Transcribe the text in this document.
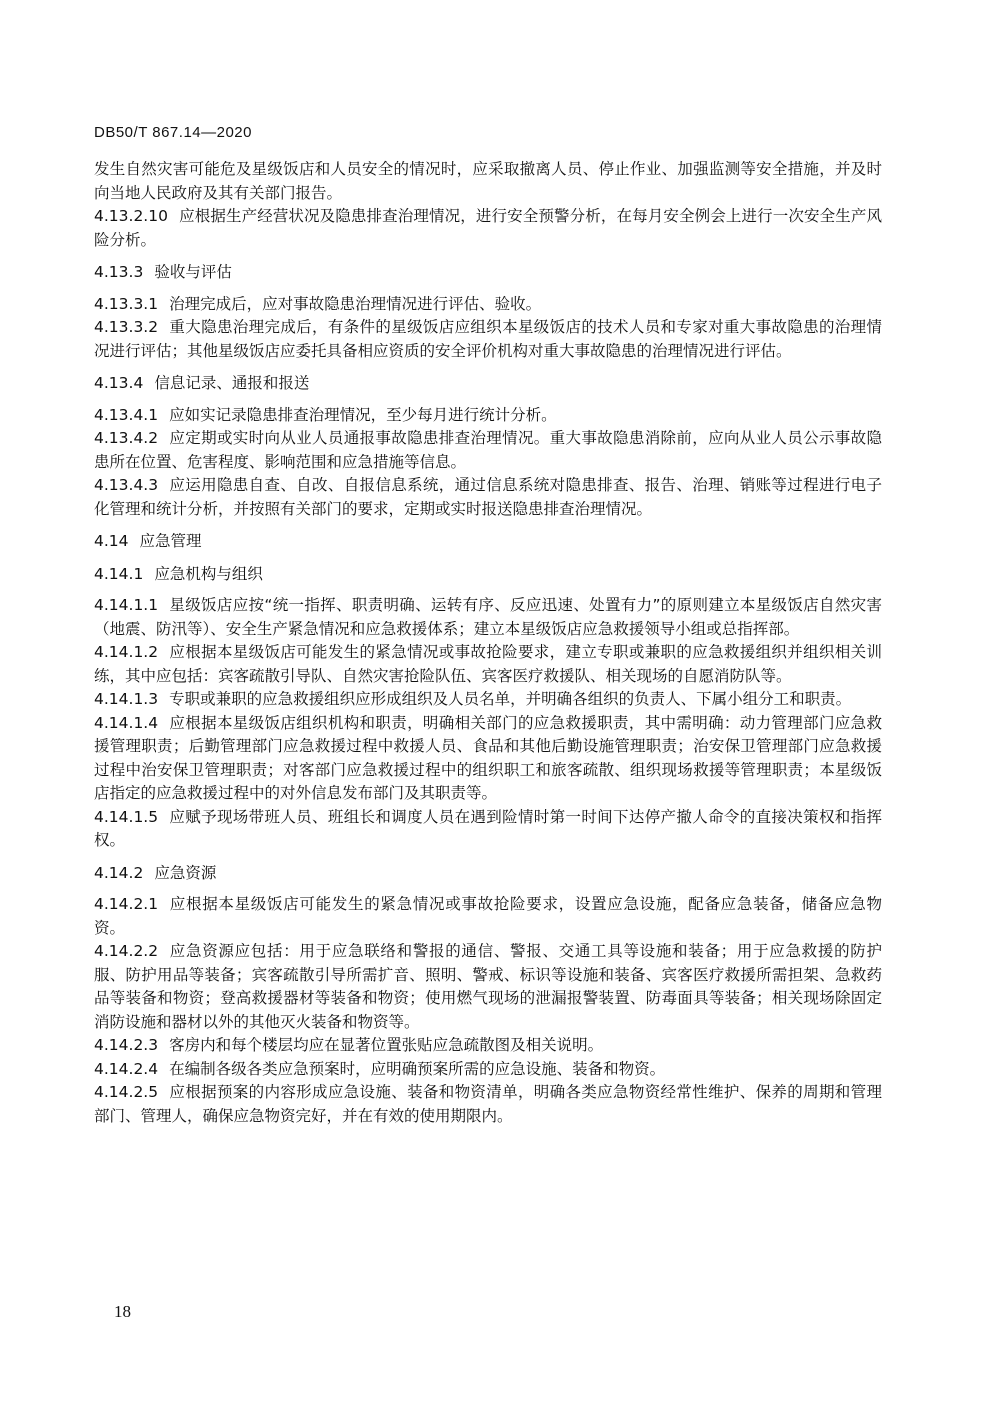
DB50/T 867.14—2020
发生自然灾害可能危及星级饭店和人员安全的情况时，应采取撤离人员、停止作业、加强监测等安全措施，并及时向当地人民政府及其有关部门报告。
4.13.2.10 应根据生产经营状况及隐患排查治理情况，进行安全预警分析，在每月安全例会上进行一次安全生产风险分析。
4.13.3 验收与评估
4.13.3.1 治理完成后，应对事故隐患治理情况进行评估、验收。
4.13.3.2 重大隐患治理完成后，有条件的星级饭店应组织本星级饭店的技术人员和专家对重大事故隐患的治理情况进行评估；其他星级饭店应委托具备相应资质的安全评价机构对重大事故隐患的治理情况进行评估。
4.13.4 信息记录、通报和报送
4.13.4.1 应如实记录隐患排查治理情况，至少每月进行统计分析。
4.13.4.2 应定期或实时向从业人员通报事故隐患排查治理情况。重大事故隐患消除前，应向从业人员公示事故隐患所在位置、危害程度、影响范围和应急措施等信息。
4.13.4.3 应运用隐患自查、自改、自报信息系统，通过信息系统对隐患排查、报告、治理、销账等过程进行电子化管理和统计分析，并按照有关部门的要求，定期或实时报送隐患排查治理情况。
4.14 应急管理
4.14.1 应急机构与组织
4.14.1.1 星级饭店应按“统一指挥、职责明确、运转有序、反应迅速、处置有力”的原则建立本星级饭店自然灾害（地震、防汛等）、安全生产紧急情况和应急救援体系；建立本星级饭店应急救援领导小组或总指挥部。
4.14.1.2 应根据本星级饭店可能发生的紧急情况或事故抢险要求，建立专职或兼职的应急救援组织并组织相关训练，其中应包括：宾客疏散引导队、自然灾害抢险队伍、宾客医疗救援队、相关现场的自愿消防队等。
4.14.1.3 专职或兼职的应急救援组织应形成组织及人员名单，并明确各组织的负责人、下属小组分工和职责。
4.14.1.4 应根据本星级饭店组织机构和职责，明确相关部门的应急救援职责，其中需明确：动力管理部门应急救援管理职责；后勤管理部门应急救援过程中救援人员、食品和其他后勤设施管理职责；治安保卫管理部门应急救援过程中治安保卫管理职责；对客部门应急救援过程中的组织职工和旅客疏散、组织现场救援等管理职责；本星级饭店指定的应急救援过程中的对外信息发布部门及其职责等。
4.14.1.5 应赋予现场带班人员、班组长和调度人员在遇到险情时第一时间下达停产撤人命令的直接决策权和指挥权。
4.14.2 应急资源
4.14.2.1 应根据本星级饭店可能发生的紧急情况或事故抢险要求，设置应急设施，配备应急装备，储备应急物资。
4.14.2.2 应急资源应包括：用于应急联络和警报的通信、警报、交通工具等设施和装备；用于应急救援的防护服、防护用品等装备；宾客疏散引导所需扩音、照明、警戒、标识等设施和装备、宾客医疗救援所需担架、急救药品等装备和物资；登高救援器材等装备和物资；使用燃气现场的泄漏报警装置、防毒面具等装备；相关现场除固定消防设施和器材以外的其他灭火装备和物资等。
4.14.2.3 客房内和每个楼层均应在显著位置张贴应急疏散图及相关说明。
4.14.2.4 在编制各级各类应急预案时，应明确预案所需的应急设施、装备和物资。
4.14.2.5 应根据预案的内容形成应急设施、装备和物资清单，明确各类应急物资经常性维护、保养的周期和管理部门、管理人，确保应急物资完好，并在有效的使用期限内。
18
